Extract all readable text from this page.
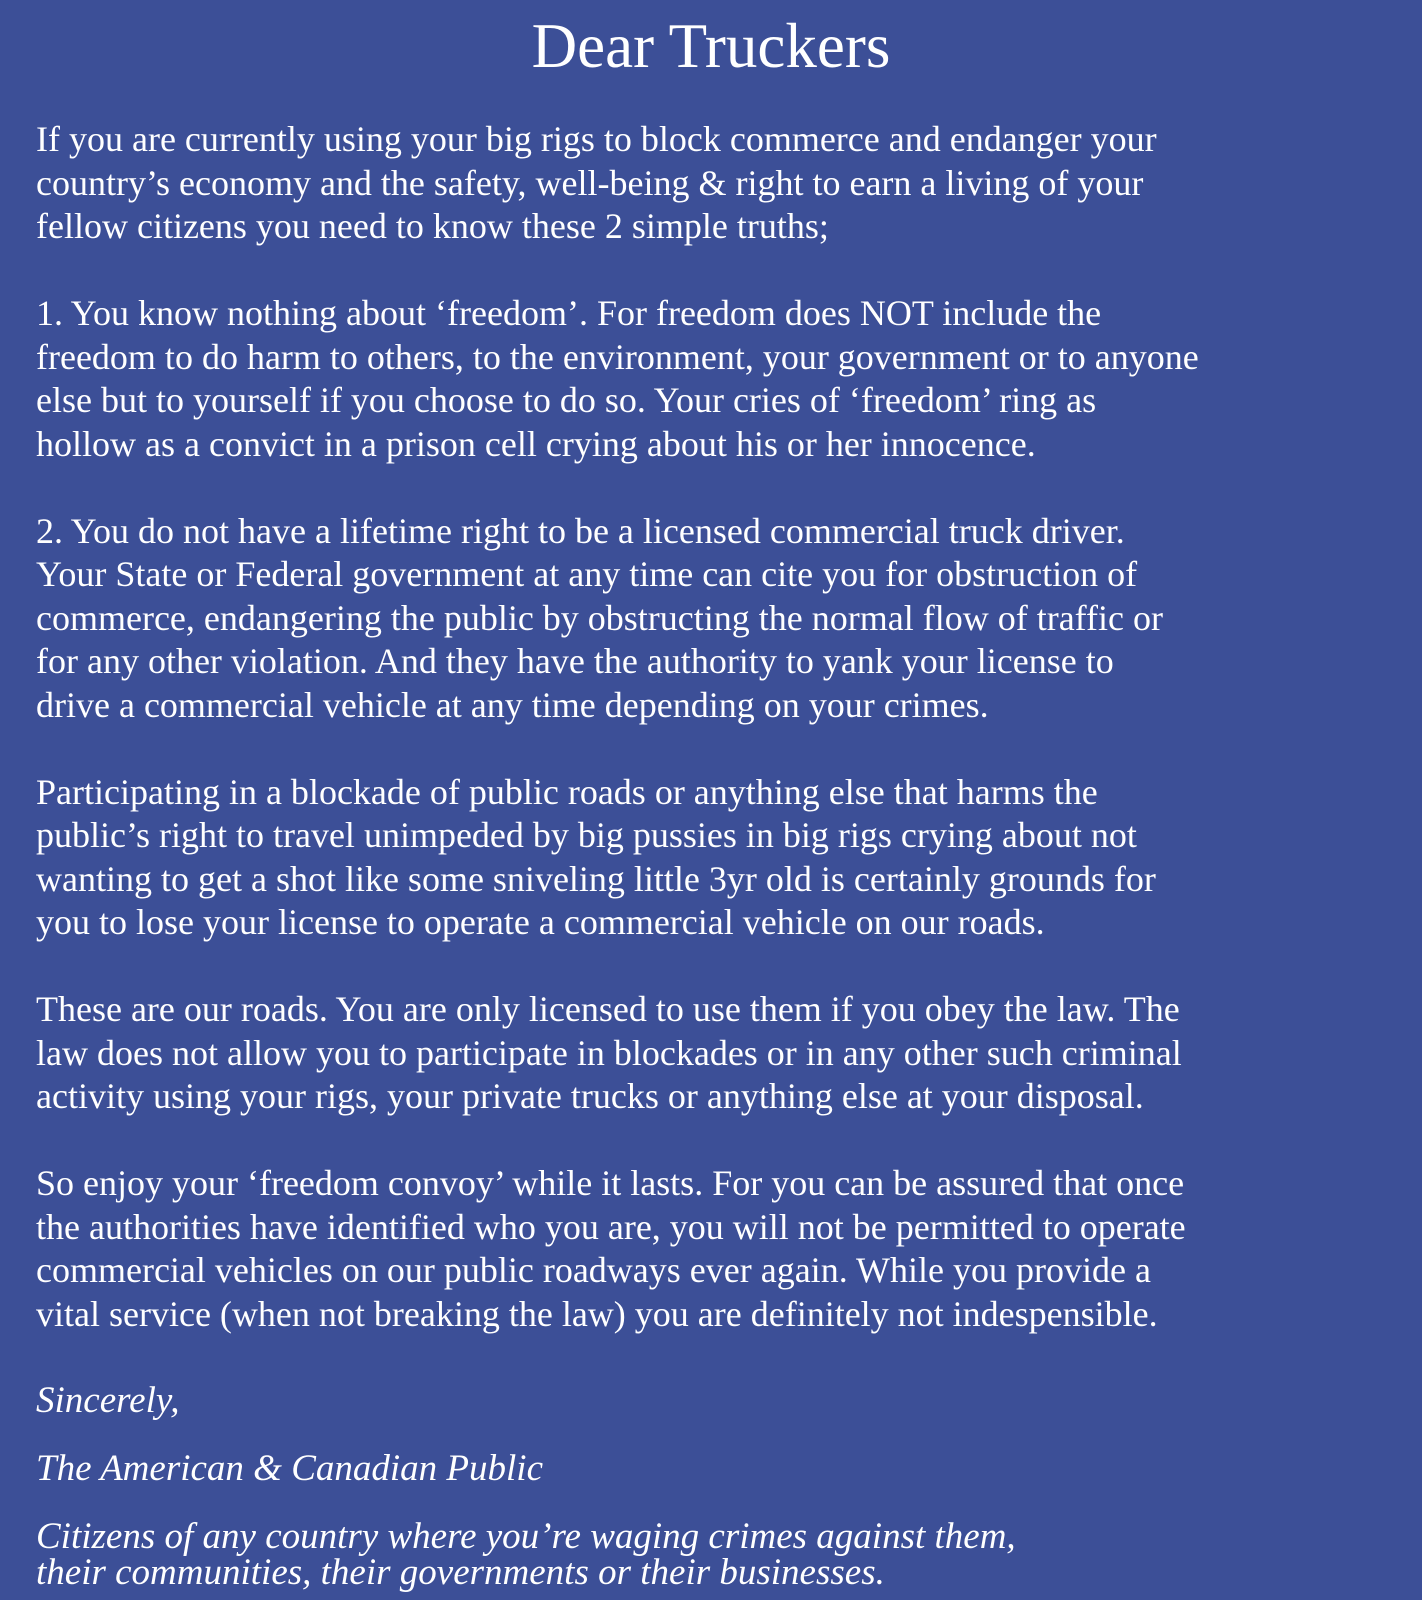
Dear Truckers

If you are currently using your big rigs to block commerce and endanger your
country’s economy and the safety, well-being & right to earn a living of your
fellow citizens you need to know these 2 simple truths;

1. You know nothing about ‘freedom’. For freedom does NOT include the
freedom to do harm to others, to the environment, your government or to anyone
else but to yourself if you choose to do so. Your cries of ‘freedom’ ring as
hollow as a convict in a prison cell crying about his or her innocence.

2. You do not have a lifetime right to be a licensed commercial truck driver.
Your State or Federal government at any time can cite you for obstruction of
commerce, endangering the public by obstructing the normal flow of traffic or
for any other violation. And they have the authority to yank your license to
drive a commercial vehicle at any time depending on your crimes.

Participating in a blockade of public roads or anything else that harms the
public’s right to travel unimpeded by big pussies in big rigs crying about not
wanting to get a shot like some sniveling little 3yr old is certainly grounds for
you to lose your license to operate a commercial vehicle on our roads.

These are our roads. You are only licensed to use them if you obey the law. The
law does not allow you to participate in blockades or in any other such criminal
activity using your rigs, your private trucks or anything else at your disposal.

So enjoy your ‘freedom convoy’ while it lasts. For you can be assured that once
the authorities have identified who you are, you will not be permitted to operate
commercial vehicles on our public roadways ever again. While you provide a
vital service (when not breaking the law) you are definitely not indespensible.

Sincerely,
The American & Canadian Public
Citizens of any country where you’re waging crimes against them,
their communities, their governments or their businesses.
